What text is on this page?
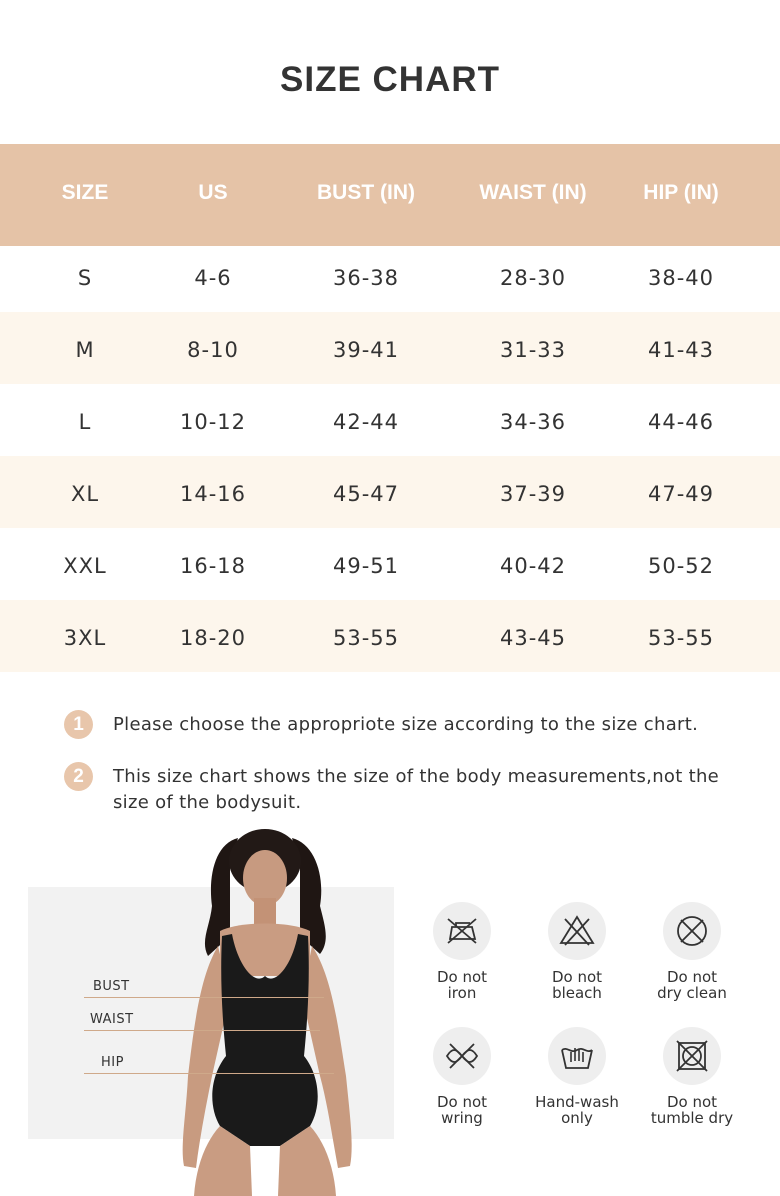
SIZE CHART
SIZE	US	BUST (IN)	WAIST (IN)	HIP (IN)
S	4-6	36-38	28-30	38-40
M	8-10	39-41	31-33	41-43
L	10-12	42-44	34-36	44-46
XL	14-16	45-47	37-39	47-49
XXL	16-18	49-51	40-42	50-52
3XL	18-20	53-55	43-45	53-55
1	Please choose the appropriote size according to the size chart.
2	This size chart shows the size of the body measurements,not the size of the bodysuit.
BUST
WAIST
HIP
Do not
iron
Do not
bleach
Do not
dry clean
Do not
wring
Hand-wash
only
Do not
tumble dry
